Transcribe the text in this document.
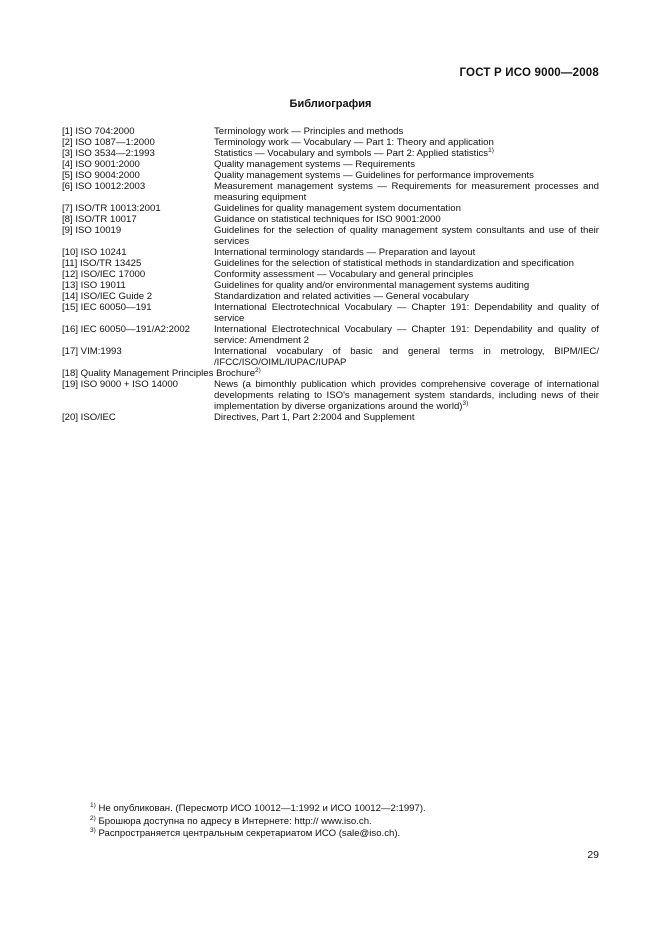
ГОСТ Р ИСО 9000—2008
Библиография
[1] ISO 704:2000	Terminology work — Principles and methods
[2] ISO 1087—1:2000	Terminology work — Vocabulary — Part 1: Theory and application
[3] ISO 3534—2:1993	Statistics — Vocabulary and symbols — Part 2: Applied statistics$^{1)}$
[4] ISO 9001:2000	Quality management systems — Requirements
[5] ISO 9004:2000	Quality management systems — Guidelines for performance improvements
[6] ISO 10012:2003	Measurement management systems — Requirements for measurement processes and measuring equipment
[7] ISO/TR 10013:2001	Guidelines for quality management system documentation
[8] ISO/TR 10017	Guidance on statistical techniques for ISO 9001:2000
[9] ISO 10019	Guidelines for the selection of quality management system consultants and use of their services
[10] ISO 10241	International terminology standards — Preparation and layout
[11] ISO/TR 13425	Guidelines for the selection of statistical methods in standardization and specification
[12] ISO/IEC 17000	Conformity assessment — Vocabulary and general principles
[13] ISO 19011	Guidelines for quality and/or environmental management systems auditing
[14] ISO/IEC Guide 2	Standardization and related activities — General vocabulary
[15] IEC 60050—191	International Electrotechnical Vocabulary — Chapter 191: Dependability and quality of service
[16] IEC 60050—191/A2:2002	International Electrotechnical Vocabulary — Chapter 191: Dependability and quality of service: Amendment 2
[17] VIM:1993	International vocabulary of basic and general terms in metrology, BIPM/IEC/ /IFCC/ISO/OIML/IUPAC/IUPAP
[18] Quality Management Principles Brochure$^{2)}$
[19] ISO 9000 + ISO 14000	News (a bimonthly publication which provides comprehensive coverage of international developments relating to ISO's management system standards, including news of their implementation by diverse organizations around the world)$^{3)}$
[20] ISO/IEC	Directives, Part 1, Part 2:2004 and Supplement
$^{1)}$ Не опубликован. (Пересмотр ИСО 10012—1:1992 и ИСО 10012—2:1997).
$^{2)}$ Брошюра доступна по адресу в Интернете: http:// www.iso.ch.
$^{3)}$ Распространяется центральным секретариатом ИСО (sale@iso.ch).
29
